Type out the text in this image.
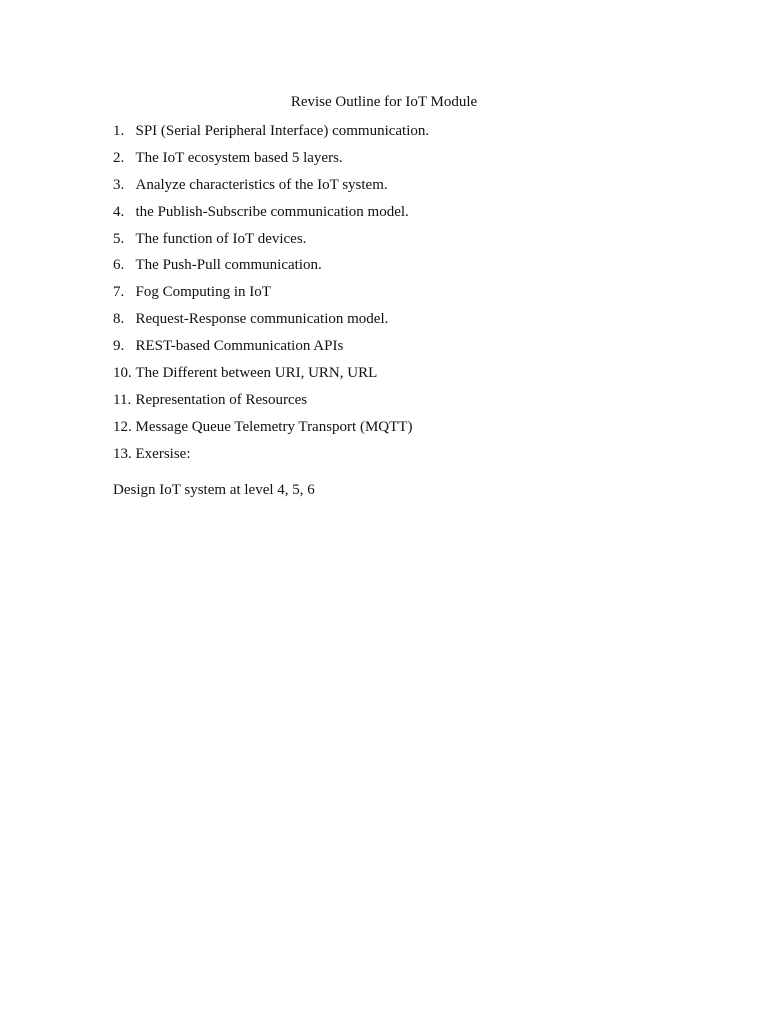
Revise Outline for IoT Module
1. SPI (Serial Peripheral Interface) communication.
2. The IoT ecosystem based 5 layers.
3. Analyze characteristics of the IoT system.
4. the Publish-Subscribe communication model.
5. The function of IoT devices.
6. The Push-Pull communication.
7. Fog Computing in IoT
8. Request-Response communication model.
9. REST-based Communication APIs
10. The Different between URI, URN, URL
11. Representation of Resources
12. Message Queue Telemetry Transport (MQTT)
13. Exersise:

Design IoT system at level 4, 5, 6
